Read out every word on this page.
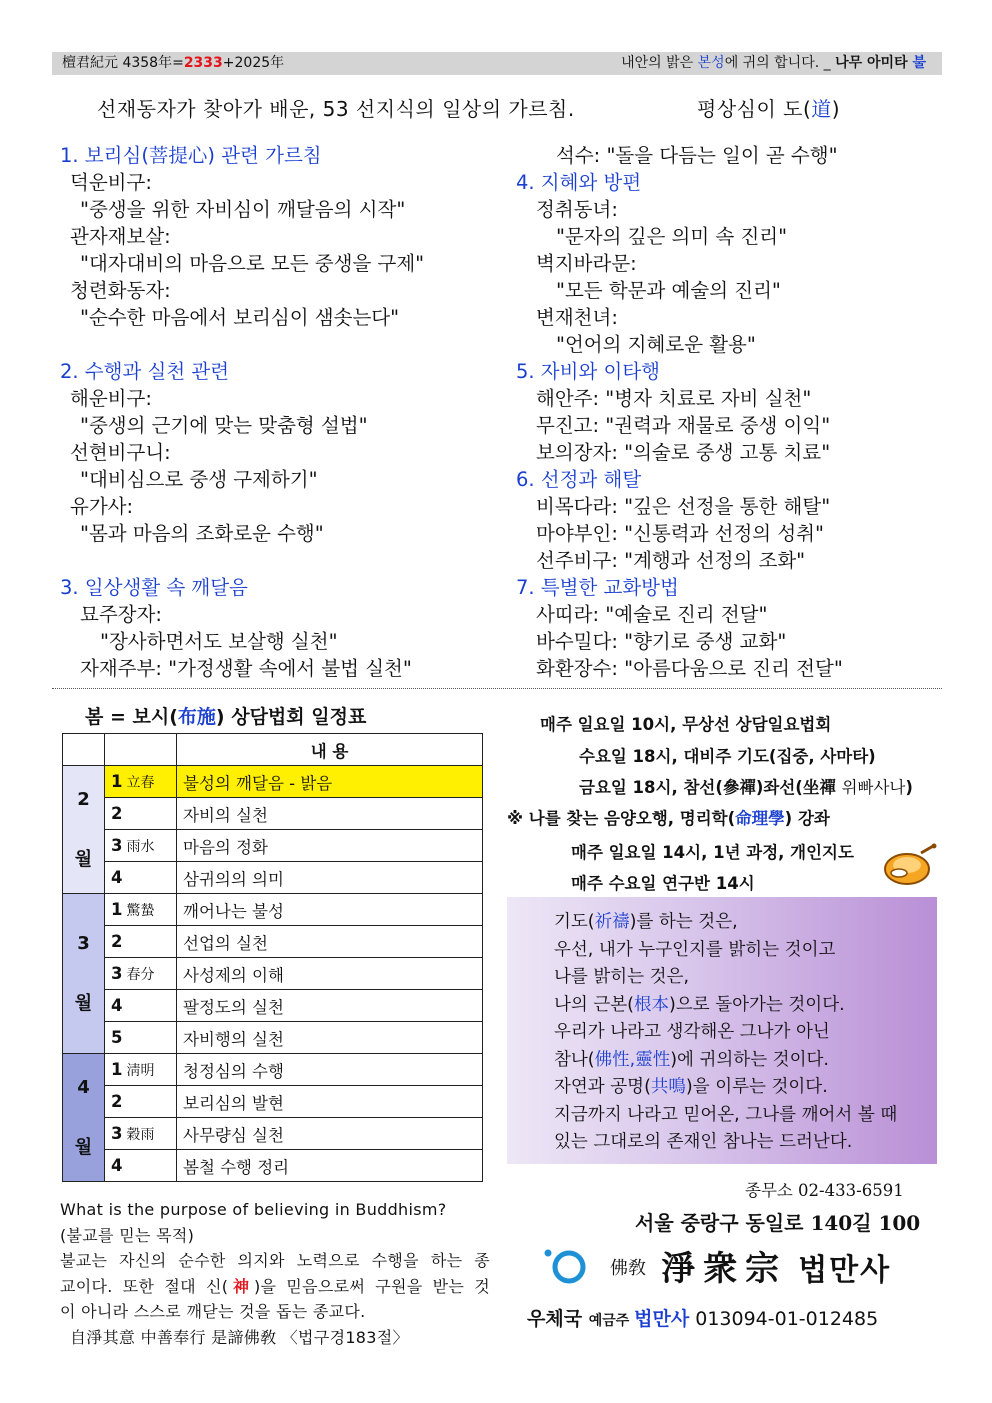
檀君紀元 4358年=2333+2025年	내안의 밝은 본성에 귀의 합니다. _ 나무 아미타 불
선재동자가 찾아가 배운, 53 선지식의 일상의 가르침.	평상심이 도(道)
1. 보리심(菩提心) 관련 가르침
덕운비구:
"중생을 위한 자비심이 깨달음의 시작"
관자재보살:
"대자대비의 마음으로 모든 중생을 구제"
청련화동자:
"순수한 마음에서 보리심이 샘솟는다"
2. 수행과 실천 관련
해운비구:
"중생의 근기에 맞는 맞춤형 설법"
선현비구니:
"대비심으로 중생 구제하기"
유가사:
"몸과 마음의 조화로운 수행"
3. 일상생활 속 깨달음
묘주장자:
"장사하면서도 보살행 실천"
자재주부: "가정생활 속에서 불법 실천"
석수: "돌을 다듬는 일이 곧 수행"
4. 지혜와 방편
정취동녀:
"문자의 깊은 의미 속 진리"
벽지바라문:
"모든 학문과 예술의 진리"
변재천녀:
"언어의 지혜로운 활용"
5. 자비와 이타행
해안주: "병자 치료로 자비 실천"
무진고: "권력과 재물로 중생 이익"
보의장자: "의술로 중생 고통 치료"
6. 선정과 해탈
비목다라: "깊은 선정을 통한 해탈"
마야부인: "신통력과 선정의 성취"
선주비구: "계행과 선정의 조화"
7. 특별한 교화방법
사띠라: "예술로 진리 전달"
바수밀다: "향기로 중생 교화"
화환장수: "아름다움으로 진리 전달"
봄 = 보시(布施) 상담법회 일정표
		내 용
2

월	1 立春	불성의 깨달음 - 밝음
	2	자비의 실천
	3 雨水	마음의 정화
	4	삼귀의의 의미
3

월	1 驚蟄	깨어나는 불성
	2	선업의 실천
	3 春分	사성제의 이해
	4	팔정도의 실천
	5	자비행의 실천
4

월	1 淸明	청정심의 수행
	2	보리심의 발현
	3 穀雨	사무량심 실천
	4	봄철 수행 정리
매주 일요일 10시, 무상선 상담일요법회
수요일 18시, 대비주 기도(집중, 사마타)
금요일 18시, 참선(參禪)좌선(坐禪 위빠사나)
※ 나를 찾는 음양오행, 명리학(命理學) 강좌
매주 일요일 14시, 1년 과정, 개인지도
매주 수요일 연구반 14시
기도(祈禱)를 하는 것은,
우선, 내가 누구인지를 밝히는 것이고
나를 밝히는 것은,
나의 근본(根本)으로 돌아가는 것이다.
우리가 나라고 생각해온 그나가 아닌
참나(佛性,靈性)에 귀의하는 것이다.
자연과 공명(共鳴)을 이루는 것이다.
지금까지 나라고 믿어온, 그나를 깨어서 볼 때
있는 그대로의 존재인 참나는 드러난다.
종무소 02-433-6591
서울 중랑구 동일로 140길 100
佛敎 淨衆宗 법만사
우체국 예금주 법만사 013094-01-012485
What is the purpose of believing in Buddhism?
(불교를 믿는 목적)
불교는 자신의 순수한 의지와 노력으로 수행을 하는 종
교이다. 또한 절대 신(神)을 믿음으로써 구원을 받는 것
이 아니라 스스로 깨닫는 것을 돕는 종교다.
自淨其意 中善奉行 是諦佛敎 〈법구경183절〉
